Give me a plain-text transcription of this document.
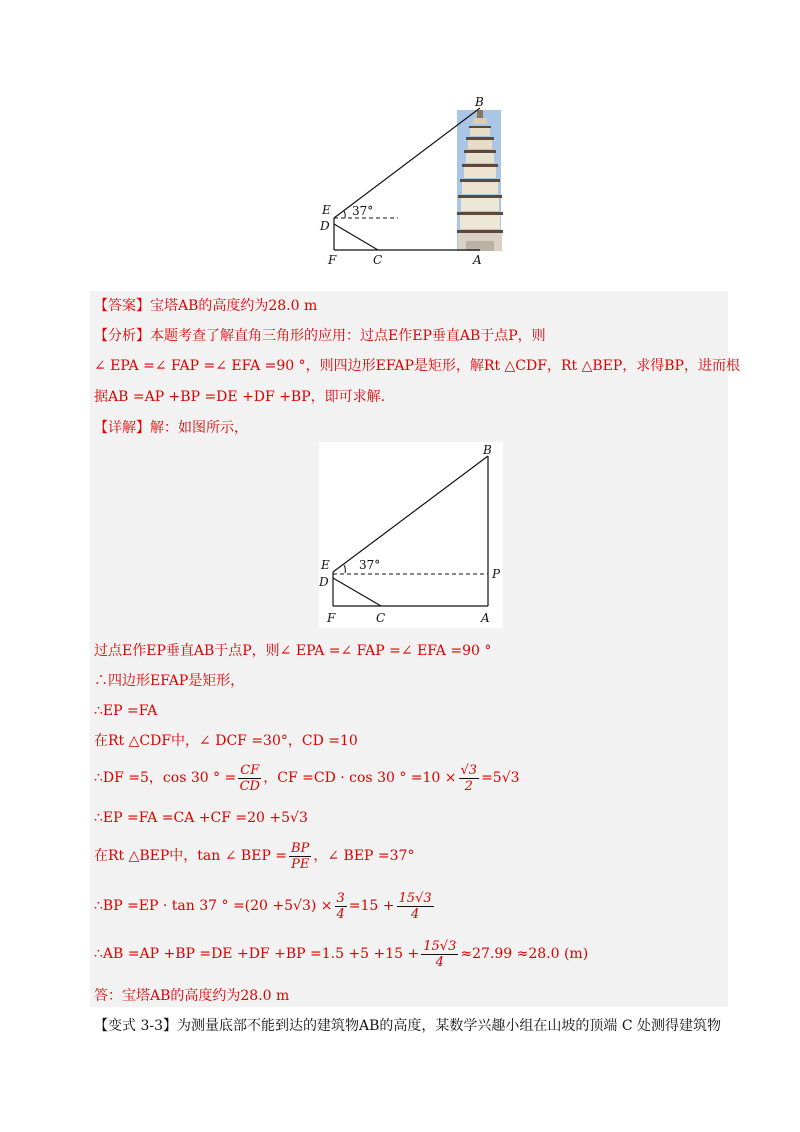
B
E
D
F	C	A
37°
【答案】宝塔AB的高度约为28.0 m
【分析】本题考查了解直角三角形的应用：过点E作EP垂直AB于点P，则
∠ EPA =∠ FAP =∠ EFA =90 °，则四边形EFAP是矩形，解Rt △CDF，Rt △BEP，求得BP，进而根
据AB =AP +BP =DE +DF +BP，即可求解.
【详解】解：如图所示，
B
E
D
P
F	C	A
37°
过点E作EP垂直AB于点P，则∠ EPA =∠ FAP =∠ EFA =90 °
∴四边形EFAP是矩形，
∴EP =FA
在Rt △CDF中，∠ DCF =30°，CD =10
∴DF =5，cos 30 ° = $\frac{CF}{CD}$ ，CF =CD · cos 30 ° $=10 \times \frac{√3}{2} =5√3$
∴EP =FA =CA +CF =20 +5√3
在Rt △BEP中，tan ∠ BEP = $\frac{BP}{PE}$ ，∠ BEP =37°
∴BP =EP · tan 37 ° $=(20 +5√3) \times \frac{3}{4} =15 + \frac{15√3}{4}$
∴AB $=AP +BP =DE +DF +BP =1.5 +5 +15 + \frac{15√3}{4} \approx 27.99 \approx 28.0$ (m)
答：宝塔AB的高度约为28.0 m
【变式 3-3】为测量底部不能到达的建筑物AB的高度，某数学兴趣小组在山坡的顶端 C 处测得建筑物
